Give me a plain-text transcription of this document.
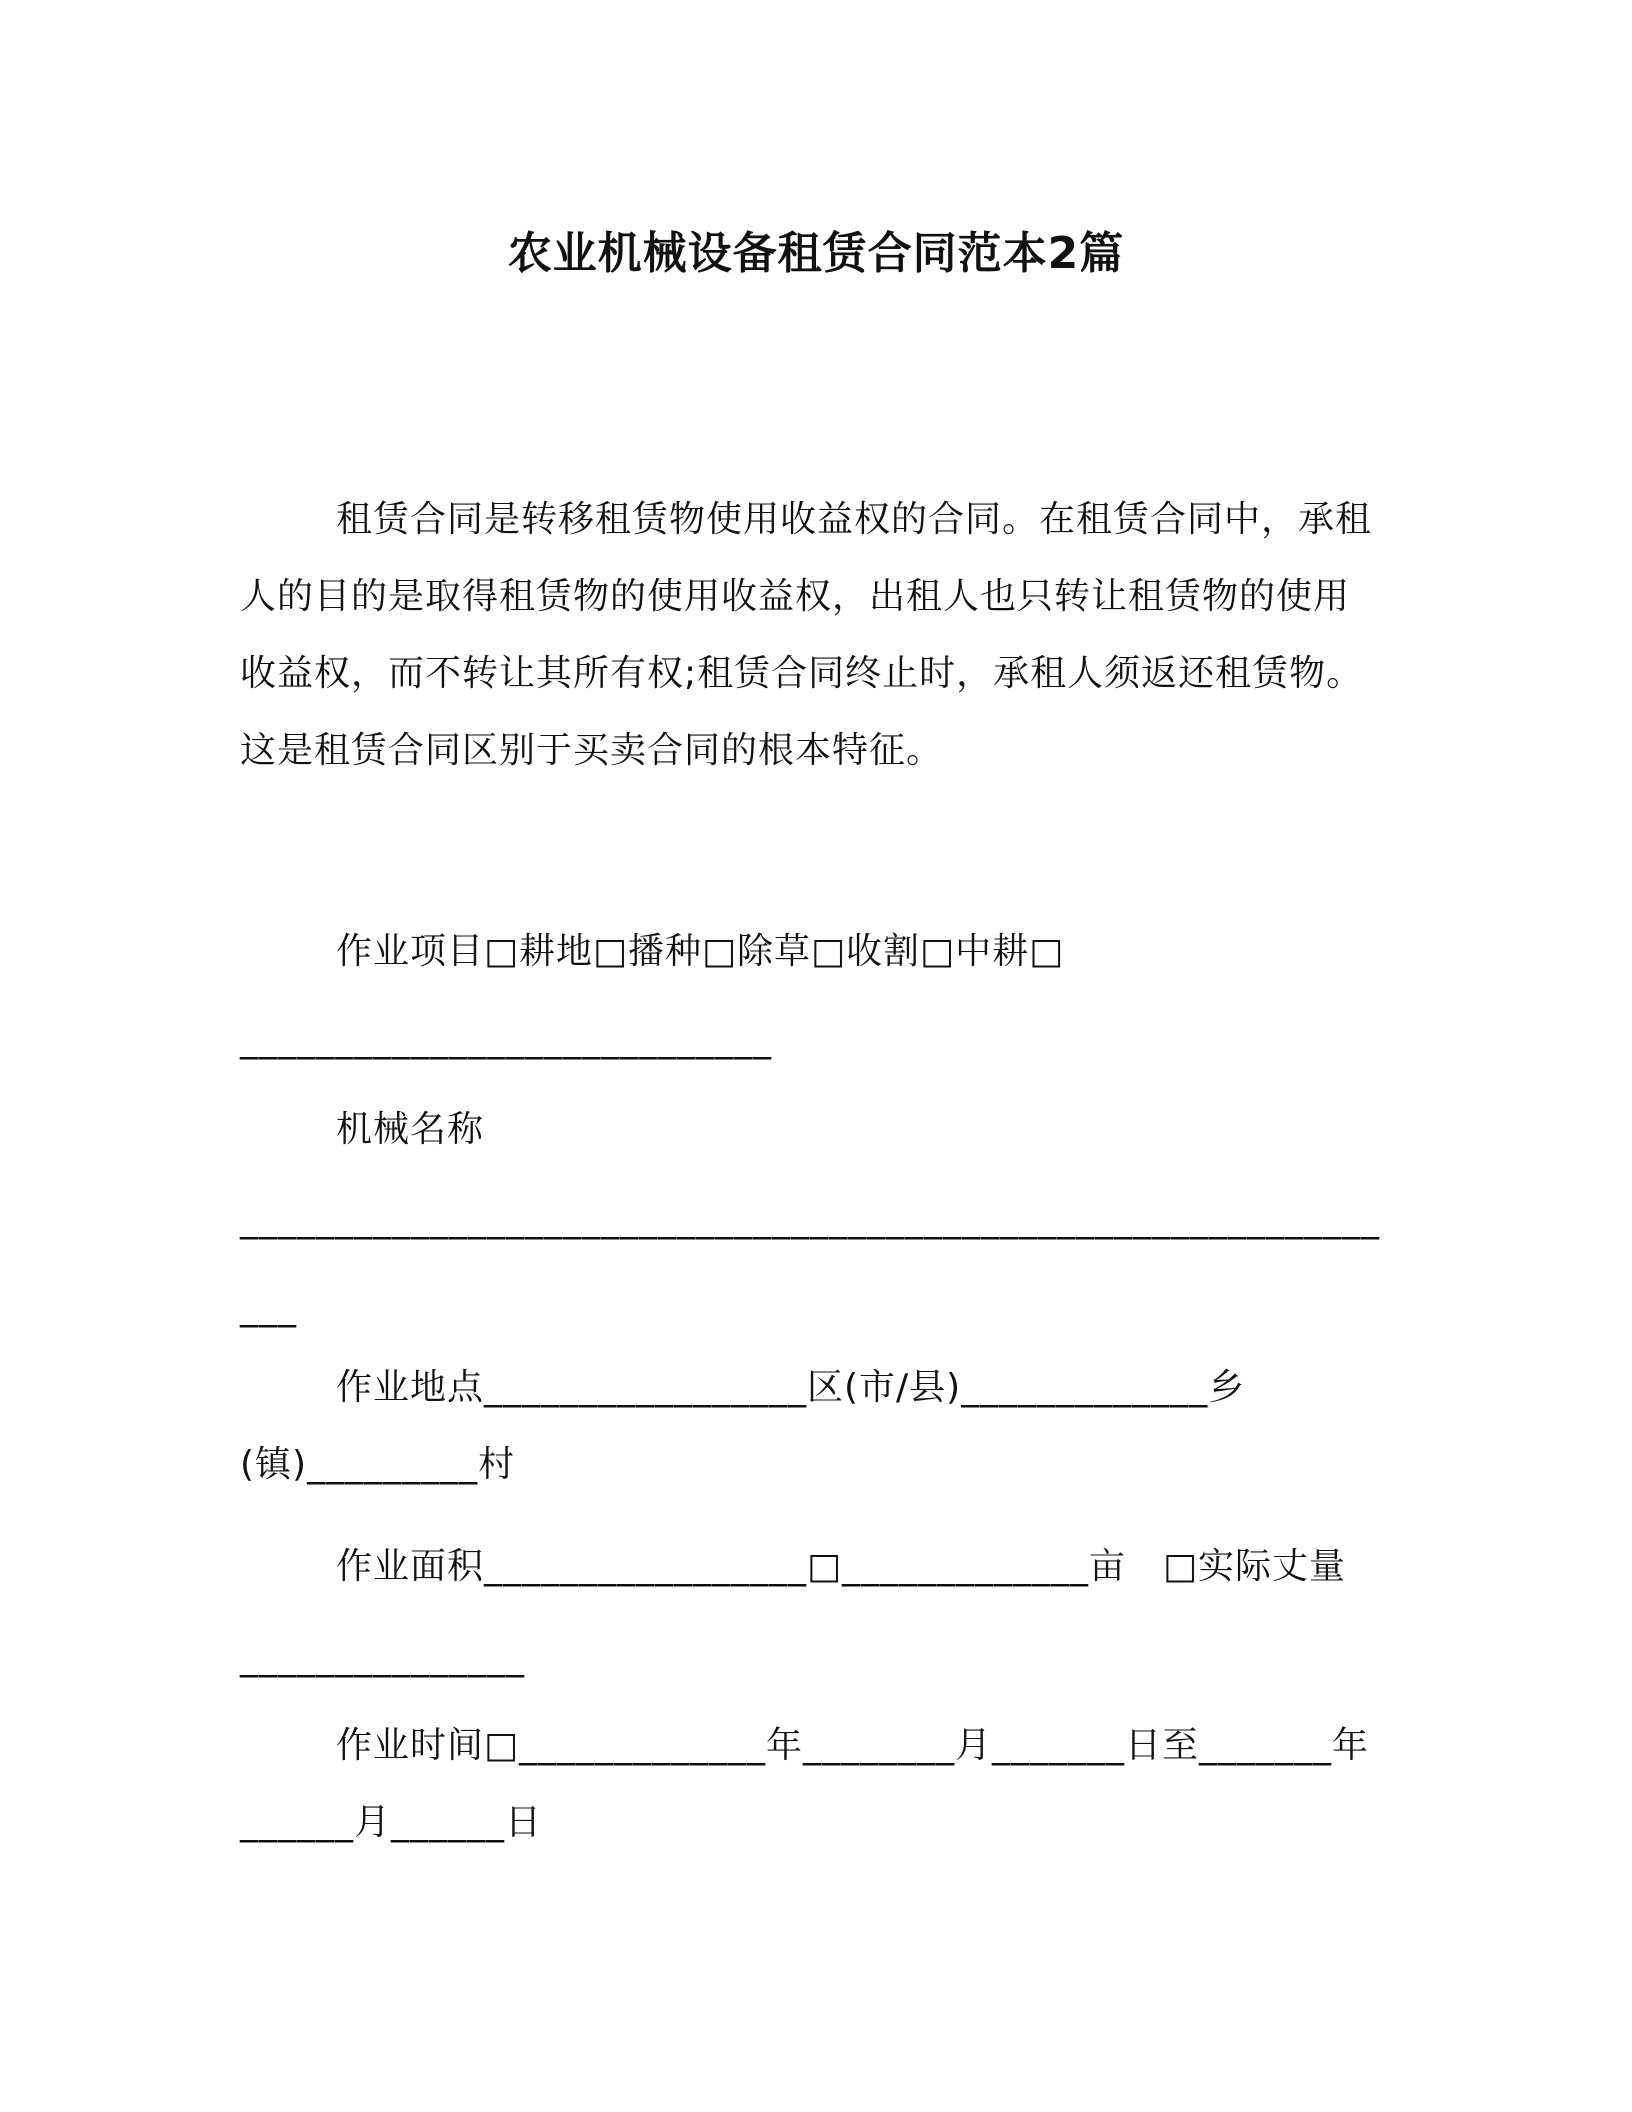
农业机械设备租赁合同范本2篇
租赁合同是转移租赁物使用收益权的合同。在租赁合同中，承租
人的目的是取得租赁物的使用收益权，出租人也只转让租赁物的使用
收益权，而不转让其所有权;租赁合同终止时，承租人须返还租赁物。
这是租赁合同区别于买卖合同的根本特征。
作业项目□耕地□播种□除草□收割□中耕□
____________________________
机械名称
____________________________________________________________
___
作业地点_________________区(市/县)_____________乡
(镇)_________村
作业面积_________________□_____________亩　□实际丈量
_______________
作业时间□_____________年________月_______日至_______年
______月______日
